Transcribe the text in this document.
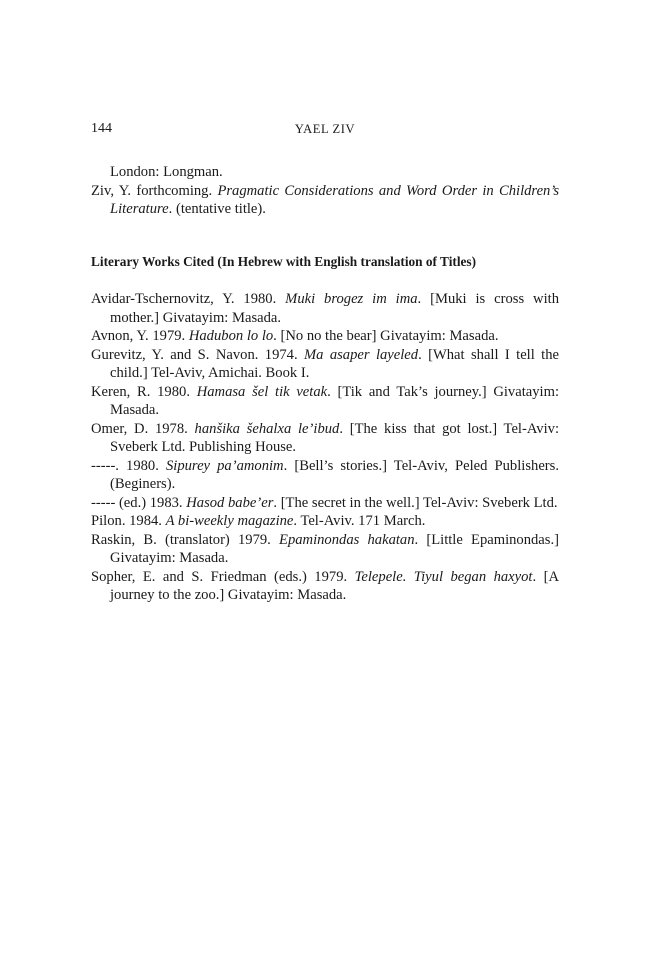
144	YAEL ZIV
London: Longman.
Ziv, Y. forthcoming. Pragmatic Considerations and Word Order in Children’s Literature. (tentative title).
Literary Works Cited (In Hebrew with English translation of Titles)
Avidar-Tschernovitz, Y. 1980. Muki brogez im ima. [Muki is cross with mother.] Givatayim: Masada.
Avnon, Y. 1979. Hadubon lo lo. [No no the bear] Givatayim: Masada.
Gurevitz, Y. and S. Navon. 1974. Ma asaper layeled. [What shall I tell the child.] Tel-Aviv, Amichai. Book I.
Keren, R. 1980. Hamasa šel tik vetak. [Tik and Tak’s journey.] Givatayim: Masada.
Omer, D. 1978. hanšika šehalxa le’ibud. [The kiss that got lost.] Tel-Aviv: Sveberk Ltd. Publishing House.
-----. 1980. Sipurey pa’amonim. [Bell’s stories.] Tel-Aviv, Peled Publishers. (Beginers).
----- (ed.) 1983. Hasod babe’er. [The secret in the well.] Tel-Aviv: Sveberk Ltd.
Pilon. 1984. A bi-weekly magazine. Tel-Aviv. 171 March.
Raskin, B. (translator) 1979. Epaminondas hakatan. [Little Epaminondas.] Givatayim: Masada.
Sopher, E. and S. Friedman (eds.) 1979. Telepele. Tiyul began haxyot. [A journey to the zoo.] Givatayim: Masada.
